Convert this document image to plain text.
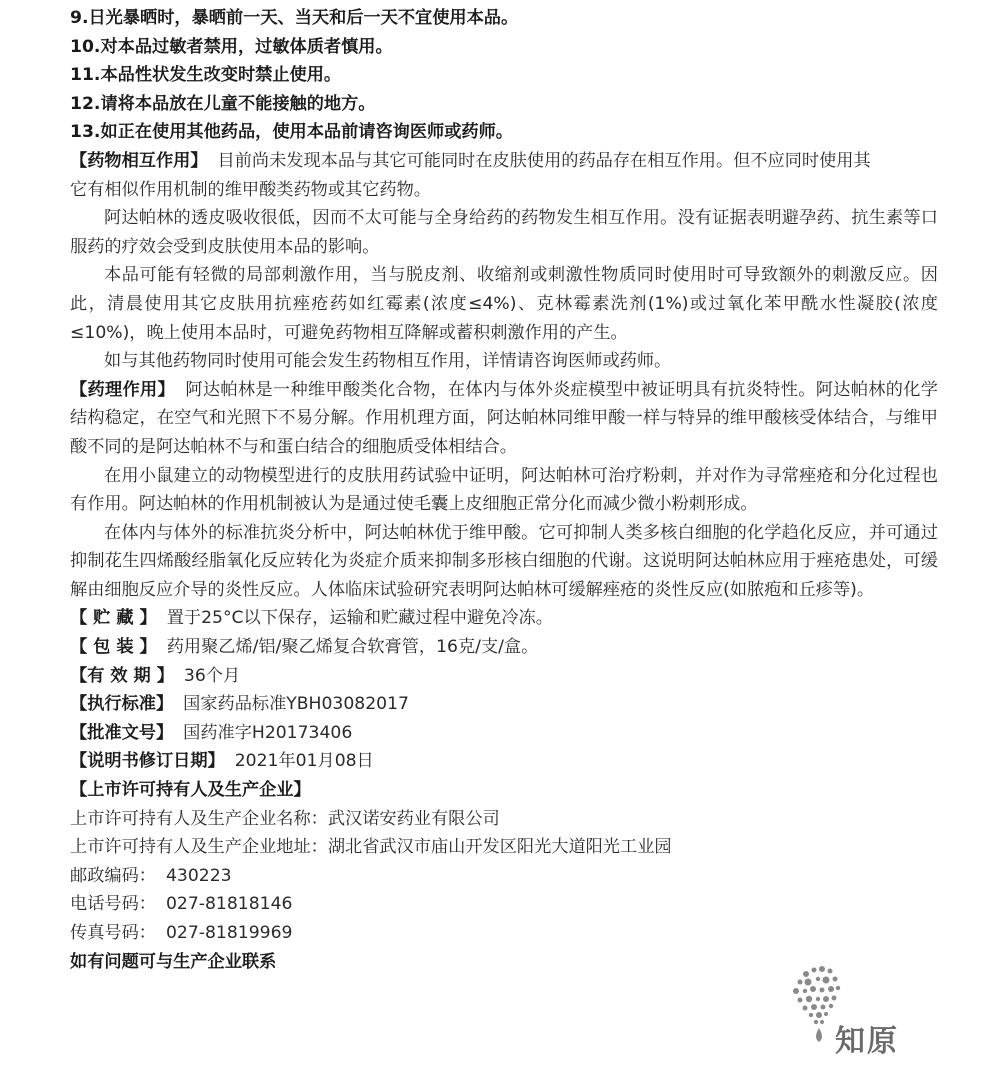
9.日光暴晒时，暴晒前一天、当天和后一天不宜使用本品。
10.对本品过敏者禁用，过敏体质者慎用。
11.本品性状发生改变时禁止使用。
12.请将本品放在儿童不能接触的地方。
13.如正在使用其他药品，使用本品前请咨询医师或药师。
【药物相互作用】 目前尚未发现本品与其它可能同时在皮肤使用的药品存在相互作用。但不应同时使用其
它有相似作用机制的维甲酸类药物或其它药物。
阿达帕林的透皮吸收很低，因而不太可能与全身给药的药物发生相互作用。没有证据表明避孕药、抗生素等口服药的疗效会受到皮肤使用本品的影响。
本品可能有轻微的局部刺激作用，当与脱皮剂、收缩剂或刺激性物质同时使用时可导致额外的刺激反应。因此，清晨使用其它皮肤用抗痤疮药如红霉素(浓度≤4%)、克林霉素洗剂(1%)或过氧化苯甲酰水性凝胶(浓度≤10%)，晚上使用本品时，可避免药物相互降解或蓄积刺激作用的产生。
如与其他药物同时使用可能会发生药物相互作用，详情请咨询医师或药师。
【药理作用】 阿达帕林是一种维甲酸类化合物，在体内与体外炎症模型中被证明具有抗炎特性。阿达帕林的化学结构稳定，在空气和光照下不易分解。作用机理方面，阿达帕林同维甲酸一样与特异的维甲酸核受体结合，与维甲酸不同的是阿达帕林不与和蛋白结合的细胞质受体相结合。
在用小鼠建立的动物模型进行的皮肤用药试验中证明，阿达帕林可治疗粉刺，并对作为寻常痤疮和分化过程也有作用。阿达帕林的作用机制被认为是通过使毛囊上皮细胞正常分化而减少微小粉刺形成。
在体内与体外的标准抗炎分析中，阿达帕林优于维甲酸。它可抑制人类多核白细胞的化学趋化反应，并可通过抑制花生四烯酸经脂氧化反应转化为炎症介质来抑制多形核白细胞的代谢。这说明阿达帕林应用于痤疮患处，可缓解由细胞反应介导的炎性反应。人体临床试验研究表明阿达帕林可缓解痤疮的炎性反应(如脓疱和丘疹等)。
【 贮 藏 】 置于25°C以下保存，运输和贮藏过程中避免冷冻。
【 包 装 】 药用聚乙烯/铝/聚乙烯复合软膏管，16克/支/盒。
【有 效 期 】 36个月
【执行标准】 国家药品标准YBH03082017
【批准文号】 国药准字H20173406
【说明书修订日期】 2021年01月08日
【上市许可持有人及生产企业】
上市许可持有人及生产企业名称：武汉诺安药业有限公司
上市许可持有人及生产企业地址：湖北省武汉市庙山开发区阳光大道阳光工业园
邮政编码： 430223
电话号码： 027-81818146
传真号码： 027-81819969
如有问题可与生产企业联系
知原
